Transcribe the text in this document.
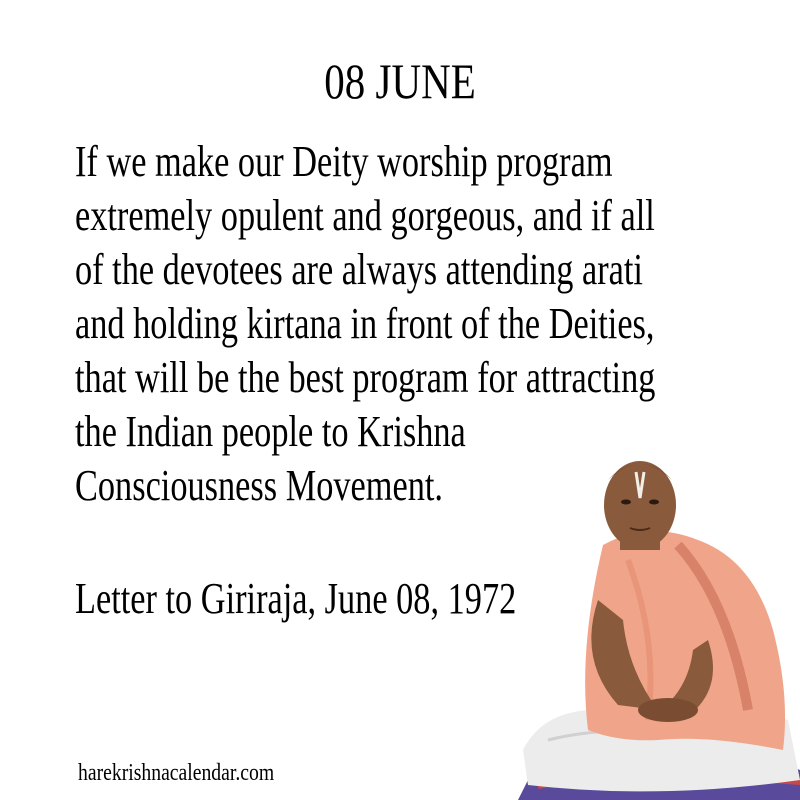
08 JUNE
If we make our Deity worship program
extremely opulent and gorgeous, and if all
of the devotees are always attending arati
and holding kirtana in front of the Deities,
that will be the best program for attracting
the Indian people to Krishna
Consciousness Movement.
Letter to Giriraja, June 08, 1972
harekrishnacalendar.com
